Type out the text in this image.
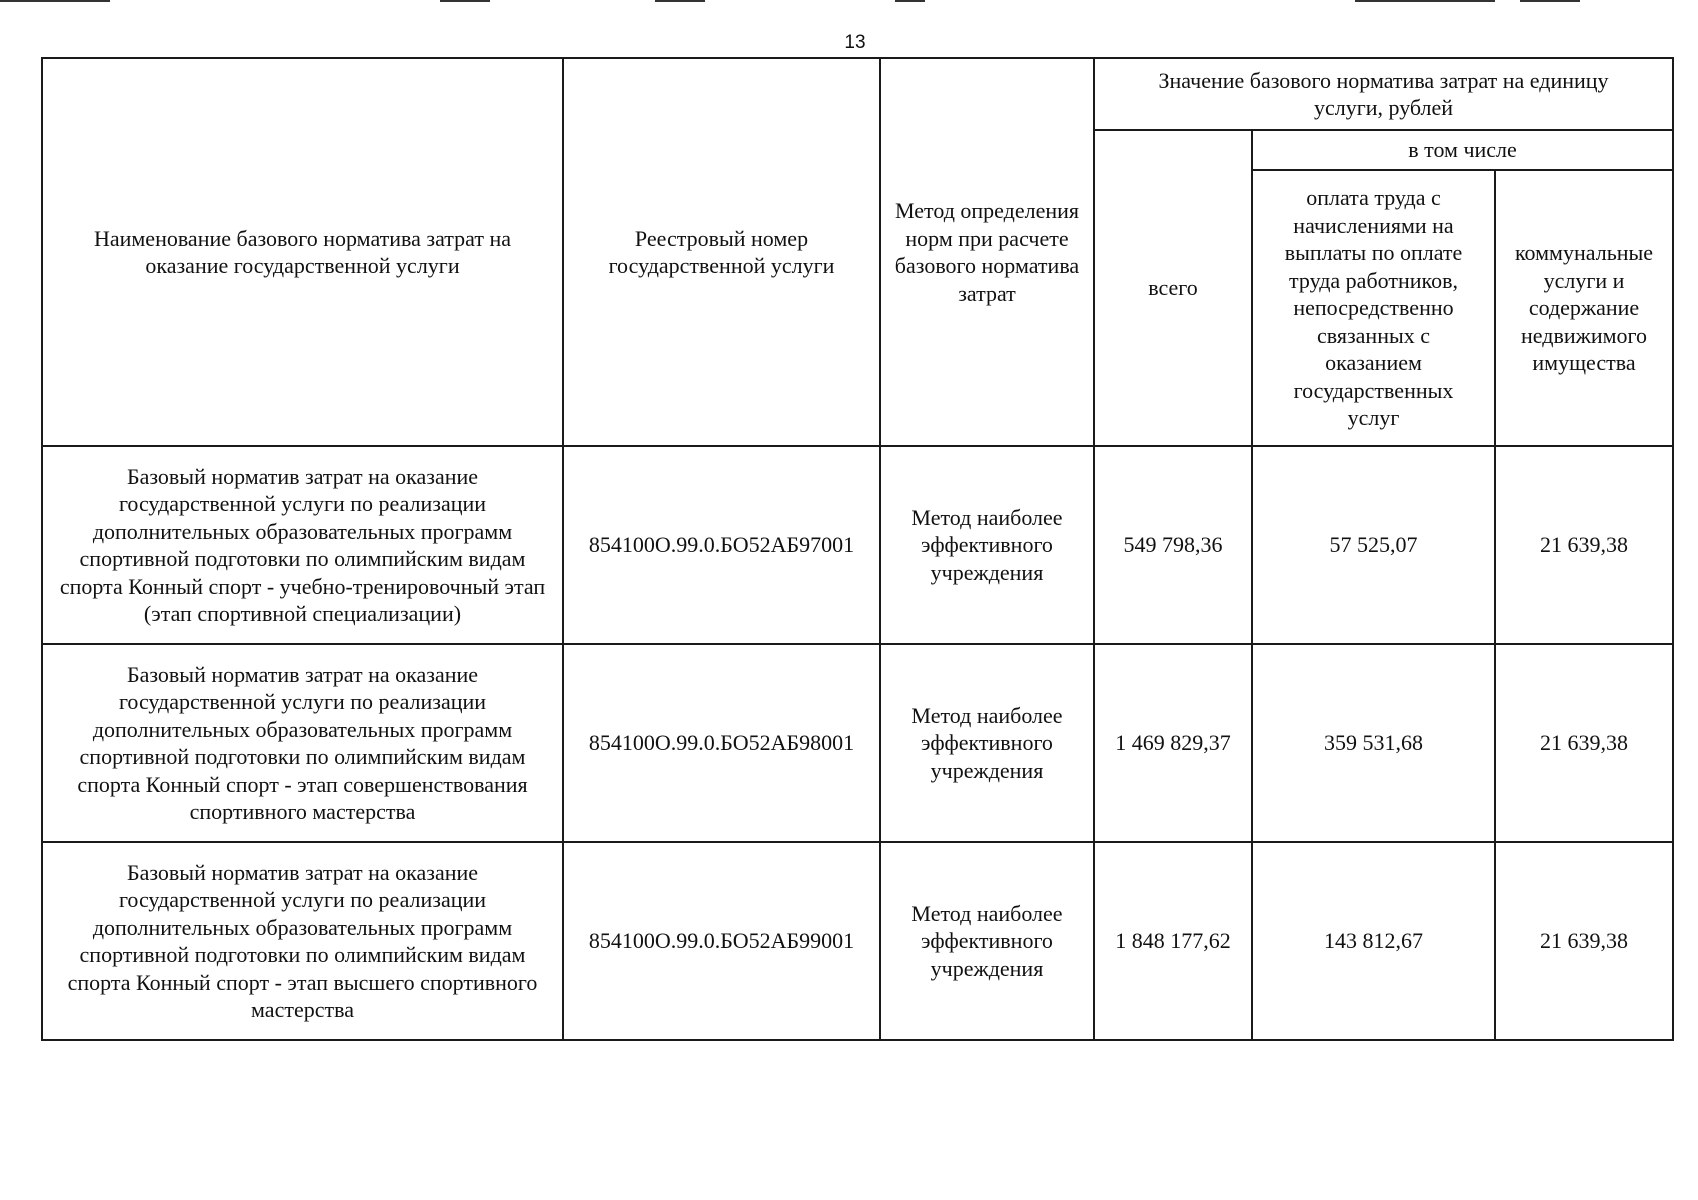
13
Наименование базового норматива затрат на оказание государственной услуги	Реестровый номер государственной услуги	Метод определения норм при расчете базового норматива затрат	Значение базового норматива затрат на единицу услуги, рублей		

			всего	в том числе	

				оплата труда с начислениями на выплаты по оплате труда работников, непосредственно связанных с оказанием государственных услуг	коммунальные услуги и содержание недвижимого имущества

Базовый норматив затрат на оказание государственной услуги по реализации дополнительных образовательных программ спортивной подготовки по олимпийским видам спорта Конный спорт - учебно-тренировочный этап (этап спортивной специализации)	854100О.99.0.БО52АБ97001	Метод наиболее эффективного учреждения	549 798,36	57 525,07	21 639,38
Базовый норматив затрат на оказание государственной услуги по реализации дополнительных образовательных программ спортивной подготовки по олимпийским видам спорта Конный спорт - этап совершенствования спортивного мастерства	854100О.99.0.БО52АБ98001	Метод наиболее эффективного учреждения	1 469 829,37	359 531,68	21 639,38
Базовый норматив затрат на оказание государственной услуги по реализации дополнительных образовательных программ спортивной подготовки по олимпийским видам спорта Конный спорт - этап высшего спортивного мастерства	854100О.99.0.БО52АБ99001	Метод наиболее эффективного учреждения	1 848 177,62	143 812,67	21 639,38
